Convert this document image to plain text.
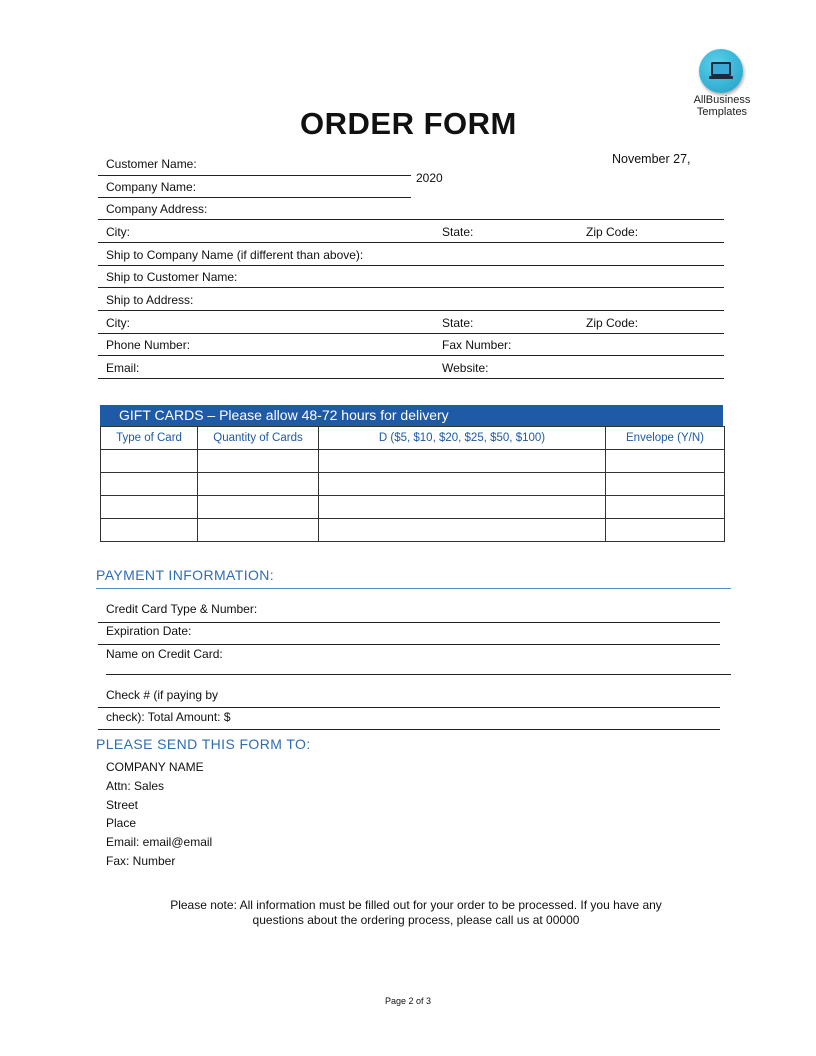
AllBusiness
Templates
ORDER FORM
November 27,
2020
Customer Name:
Company Name:
Company Address:
City:	State:	Zip Code:
Ship to Company Name (if different than above):
Ship to Customer Name:
Ship to Address:
City:	State:	Zip Code:
Phone Number:	Fax Number:
Email:	Website:
GIFT CARDS – Please allow 48-72 hours for delivery
Type of Card	Quantity of Cards	D ($5, $10, $20, $25, $50, $100)	Envelope (Y/N)

PAYMENT INFORMATION:
Credit Card Type & Number:
Expiration Date:
Name on Credit Card:
Check # (if paying by
check): Total Amount: $
PLEASE SEND THIS FORM TO:
COMPANY NAME
Attn: Sales
Street
Place
Email: email@email
Fax: Number
Please note: All information must be filled out for your order to be processed. If you have any
questions about the ordering process, please call us at 00000
Page 2 of 3
